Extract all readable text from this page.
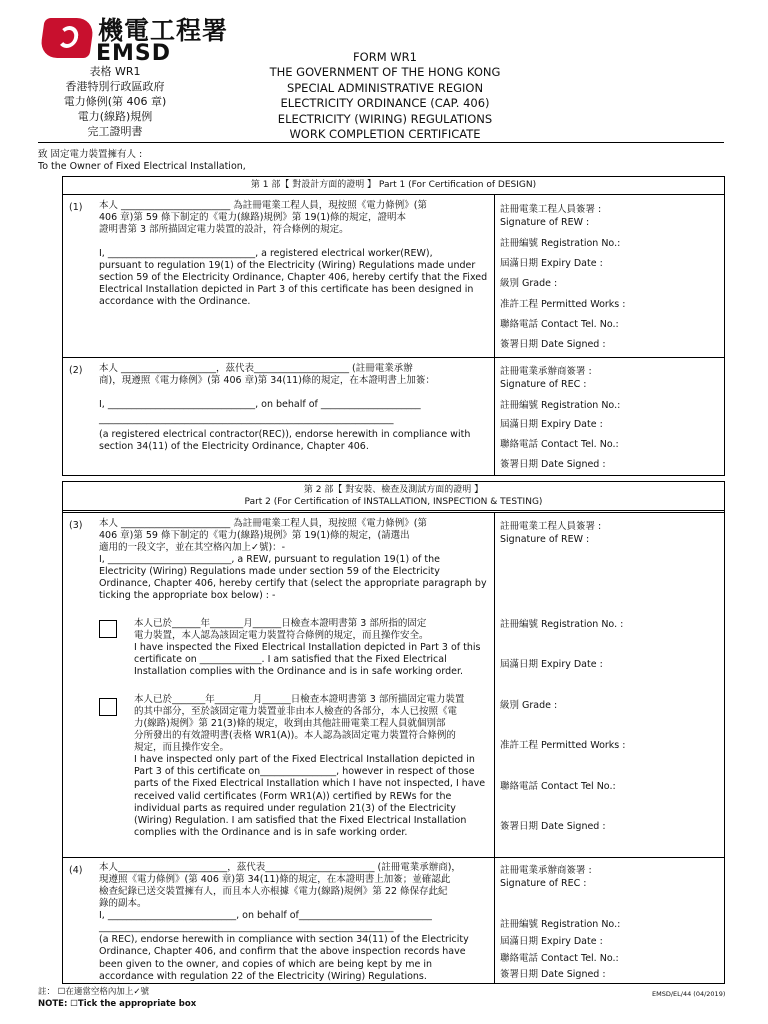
機電工程署
EMSD
表格 WR1
香港特別行政區政府
電力條例(第 406 章)
電力(線路)規例
完工證明書
FORM WR1
THE GOVERNMENT OF THE HONG KONG
SPECIAL ADMINISTRATIVE REGION
ELECTRICITY ORDINANCE (CAP. 406)
ELECTRICITY (WIRING) REGULATIONS
WORK COMPLETION CERTIFICATE
致 固定電力裝置擁有人 :
To the Owner of Fixed Electrical Installation,
第 1 部【 對設計方面的證明 】 Part 1 (For Certification of DESIGN)
(1) 本人 _______________________ 為註冊電業工程人員，現按照《電力條例》(第

406 章)第 59 條下制定的《電力(線路)規例》第 19(1)條的規定，證明本

證明書第 3 部所描固定電力裝置的設計，符合條例的規定。

I, _______________________________, a registered electrical worker(REW),

pursuant to regulation 19(1) of the Electricity (Wiring) Regulations made under

section 59 of the Electricity Ordinance, Chapter 406, hereby certify that the Fixed

Electrical Installation depicted in Part 3 of this certificate has been designed in

accordance with the Ordinance.

註冊電業工程人員簽署 :
Signature of REW :
註冊編號 Registration No.:
屆滿日期 Expiry Date :
級別 Grade :
准許工程 Permitted Works :
聯絡電話 Contact Tel. No.:
簽署日期 Date Signed :
(2) 本人 ____________________，茲代表____________________ (註冊電業承辦

商)，現遵照《電力條例》(第 406 章)第 34(11)條的規定，在本證明書上加簽：

I, _______________________________, on behalf of _____________________

______________________________________________________________

(a registered electrical contractor(REC)), endorse herewith in compliance with

section 34(11) of the Electricity Ordinance, Chapter 406.

註冊電業承辦商簽署 :
Signature of REC :
註冊編號 Registration No.:
屆滿日期 Expiry Date :
聯絡電話 Contact Tel. No.:
簽署日期 Date Signed :
第 2 部【 對安裝、檢查及測試方面的證明 】
Part 2 (For Certification of INSTALLATION, INSPECTION & TESTING)
(3) 本人 _______________________ 為註冊電業工程人員，現按照《電力條例》(第

406 章)第 59 條下制定的《電力(線路)規例》第 19(1)條的規定，(請選出

適用的一段文字，並在其空格內加上✓號)：-

I, __________________________, a REW, pursuant to regulation 19(1) of the

Electricity (Wiring) Regulations made under section 59 of the Electricity

Ordinance, Chapter 406, hereby certify that (select the appropriate paragraph by

ticking the appropriate box below) : -

本人已於______年_______月______日檢查本證明書第 3 部所指的固定

電力裝置，本人認為該固定電力裝置符合條例的規定，而且操作安全。

I have inspected the Fixed Electrical Installation depicted in Part 3 of this

certificate on _____________. I am satisfied that the Fixed Electrical

Installation complies with the Ordinance and is in safe working order.

本人已於_______年________月______日檢查本證明書第 3 部所描固定電力裝置

的其中部分，至於該固定電力裝置並非由本人檢查的各部分，本人已按照《電

力(線路)規例》第 21(3)條的規定，收到由其他註冊電業工程人員就個別部

分所發出的有效證明書(表格 WR1(A))。本人認為該固定電力裝置符合條例的

規定，而且操作安全。

I have inspected only part of the Fixed Electrical Installation depicted in

Part 3 of this certificate on________________, however in respect of those

parts of the Fixed Electrical Installation which I have not inspected, I have

received valid certificates (Form WR1(A)) certified by REWs for the

individual parts as required under regulation 21(3) of the Electricity

(Wiring) Regulation. I am satisfied that the Fixed Electrical Installation

complies with the Ordinance and is in safe working order.

註冊電業工程人員簽署 :
Signature of REW :
註冊編號 Registration No. :
屆滿日期 Expiry Date :
級別 Grade :
准許工程 Permitted Works :
聯絡電話 Contact Tel No.:
簽署日期 Date Signed :
(4) 本人_______________________，茲代表_______________________ (註冊電業承辦商)，

現遵照《電力條例》(第 406 章)第 34(11)條的規定，在本證明書上加簽；並確認此

檢查紀錄已送交裝置擁有人，而且本人亦根據《電力(線路)規例》第 22 條保存此紀

錄的副本。

I, ___________________________, on behalf of____________________________

______________________________________________________________

(a REC), endorse herewith in compliance with section 34(11) of the Electricity

Ordinance, Chapter 406, and confirm that the above inspection records have

been given to the owner, and copies of which are being kept by me in

accordance with regulation 22 of the Electricity (Wiring) Regulations.

註冊電業承辦商簽署 :
Signature of REC :
註冊編號 Registration No.:
屆滿日期 Expiry Date :
聯絡電話 Contact Tel. No.:
簽署日期 Date Signed :
註： ☐在適當空格內加上✓號
NOTE: ☐Tick the appropriate box
EMSD/EL/44 (04/2019)
